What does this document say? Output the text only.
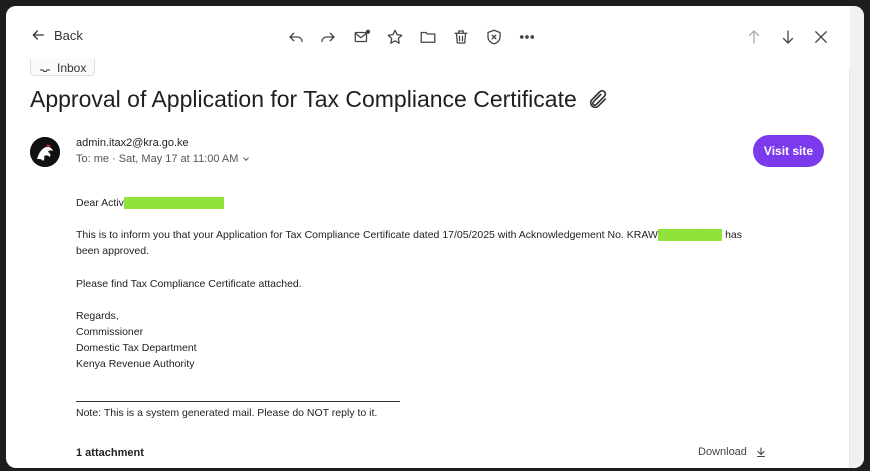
Back
Inbox
Approval of Application for Tax Compliance Certificate
admin.itax2@kra.go.ke
To: me · Sat, May 17 at 11:00 AM
Visit site
Dear ActiveCommercial Friends
This is to inform you that your Application for Tax Compliance Certificate dated 17/05/2025 with Acknowledgement No. KRAW00012345678 has
been approved.
Please find Tax Compliance Certificate attached.
Regards,
Commissioner
Domestic Tax Department
Kenya Revenue Authority
Note: This is a system generated mail. Please do NOT reply to it.
1 attachment	Download
